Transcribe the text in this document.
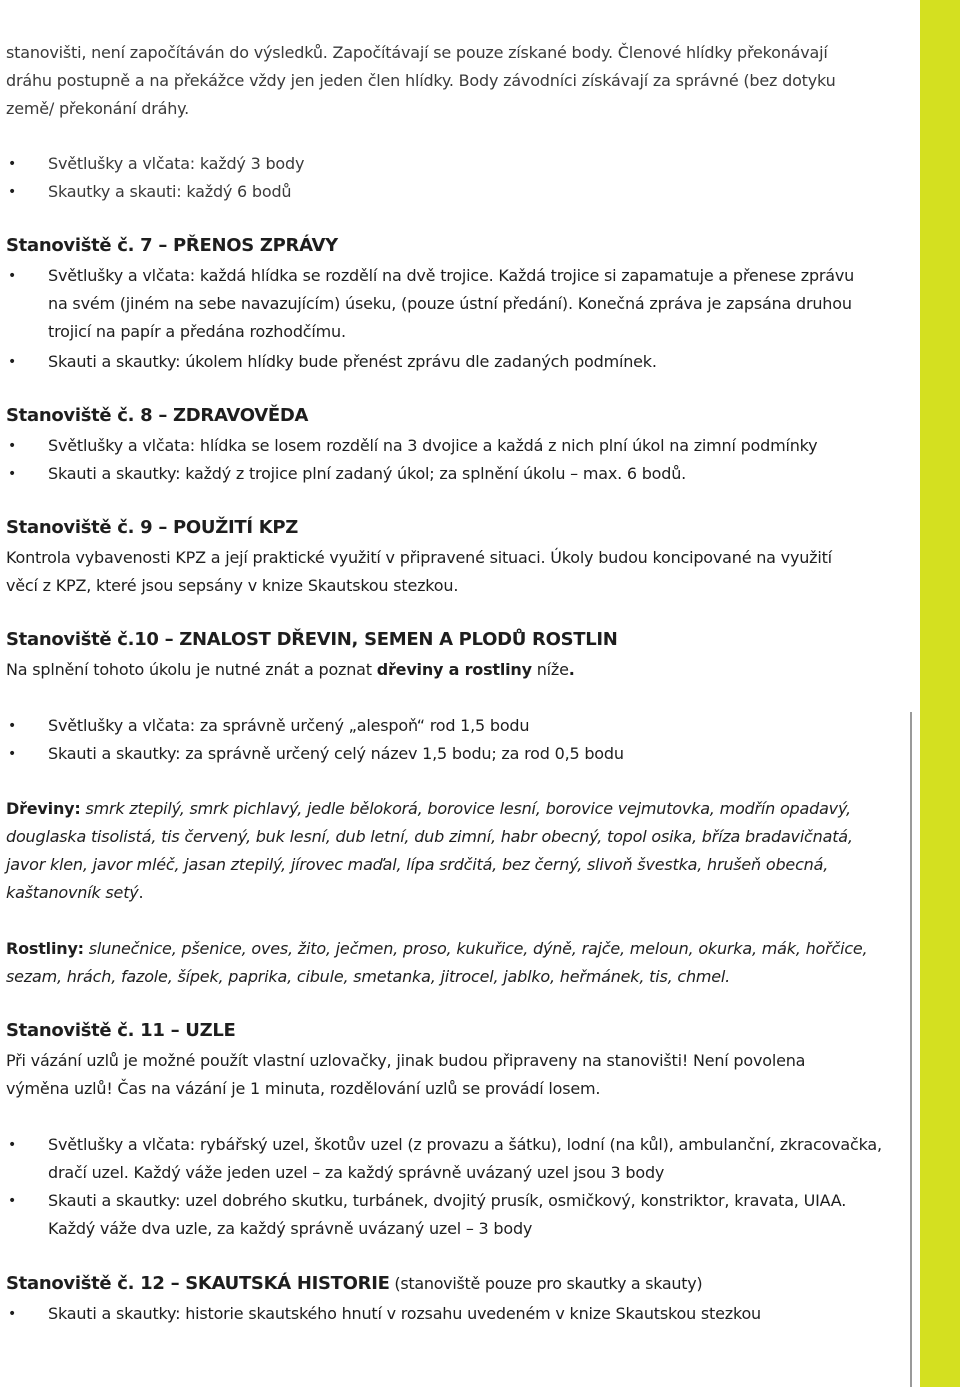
stanovišti, není započítáván do výsledků. Započítávají se pouze získané body. Členové hlídky překonávají
dráhu postupně a na překážce vždy jen jeden člen hlídky. Body závodníci získávají za správné (bez dotyku
země/ překonání dráhy.
• Světlušky a vlčata: každý 3 body
• Skautky a skauti: každý 6 bodů
Stanoviště č. 7 – PŘENOS ZPRÁVY
• Světlušky a vlčata: každá hlídka se rozdělí na dvě trojice. Každá trojice si zapamatuje a přenese zprávu
na svém (jiném na sebe navazujícím) úseku, (pouze ústní předání). Konečná zpráva je zapsána druhou
trojicí na papír a předána rozhodčímu.
• Skauti a skautky: úkolem hlídky bude přenést zprávu dle zadaných podmínek.
Stanoviště č. 8 – ZDRAVOVĚDA
• Světlušky a vlčata: hlídka se losem rozdělí na 3 dvojice a každá z nich plní úkol na zimní podmínky
• Skauti a skautky: každý z trojice plní zadaný úkol; za splnění úkolu – max. 6 bodů.
Stanoviště č. 9 – POUŽITÍ KPZ
Kontrola vybavenosti KPZ a její praktické využití v připravené situaci. Úkoly budou koncipované na využití
věcí z KPZ, které jsou sepsány v knize Skautskou stezkou.
Stanoviště č.10 – ZNALOST DŘEVIN, SEMEN A PLODŮ ROSTLIN
Na splnění tohoto úkolu je nutné znát a poznat dřeviny a rostliny níže.
• Světlušky a vlčata: za správně určený „alespoň“ rod 1,5 bodu
• Skauti a skautky: za správně určený celý název 1,5 bodu; za rod 0,5 bodu
Dřeviny: smrk ztepilý, smrk pichlavý, jedle bělokorá, borovice lesní, borovice vejmutovka, modřín opadavý,
douglaska tisolistá, tis červený, buk lesní, dub letní, dub zimní, habr obecný, topol osika, bříza bradavičnatá,
javor klen, javor mléč, jasan ztepilý, jírovec maďal, lípa srdčitá, bez černý, slivoň švestka, hrušeň obecná,
kaštanovník setý.
Rostliny: slunečnice, pšenice, oves, žito, ječmen, proso, kukuřice, dýně, rajče, meloun, okurka, mák, hořčice,
sezam, hrách, fazole, šípek, paprika, cibule, smetanka, jitrocel, jablko, heřmánek, tis, chmel.
Stanoviště č. 11 – UZLE
Při vázání uzlů je možné použít vlastní uzlovačky, jinak budou připraveny na stanovišti! Není povolena
výměna uzlů! Čas na vázání je 1 minuta, rozdělování uzlů se provádí losem.
• Světlušky a vlčata: rybářský uzel, škotův uzel (z provazu a šátku), lodní (na kůl), ambulanční, zkracovačka,
dračí uzel. Každý váže jeden uzel – za každý správně uvázaný uzel jsou 3 body
• Skauti a skautky: uzel dobrého skutku, turbánek, dvojitý prusík, osmičkový, konstriktor, kravata, UIAA.
Každý váže dva uzle, za každý správně uvázaný uzel – 3 body
Stanoviště č. 12 – SKAUTSKÁ HISTORIE (stanoviště pouze pro skautky a skauty)
• Skauti a skautky: historie skautského hnutí v rozsahu uvedeném v knize Skautskou stezkou
